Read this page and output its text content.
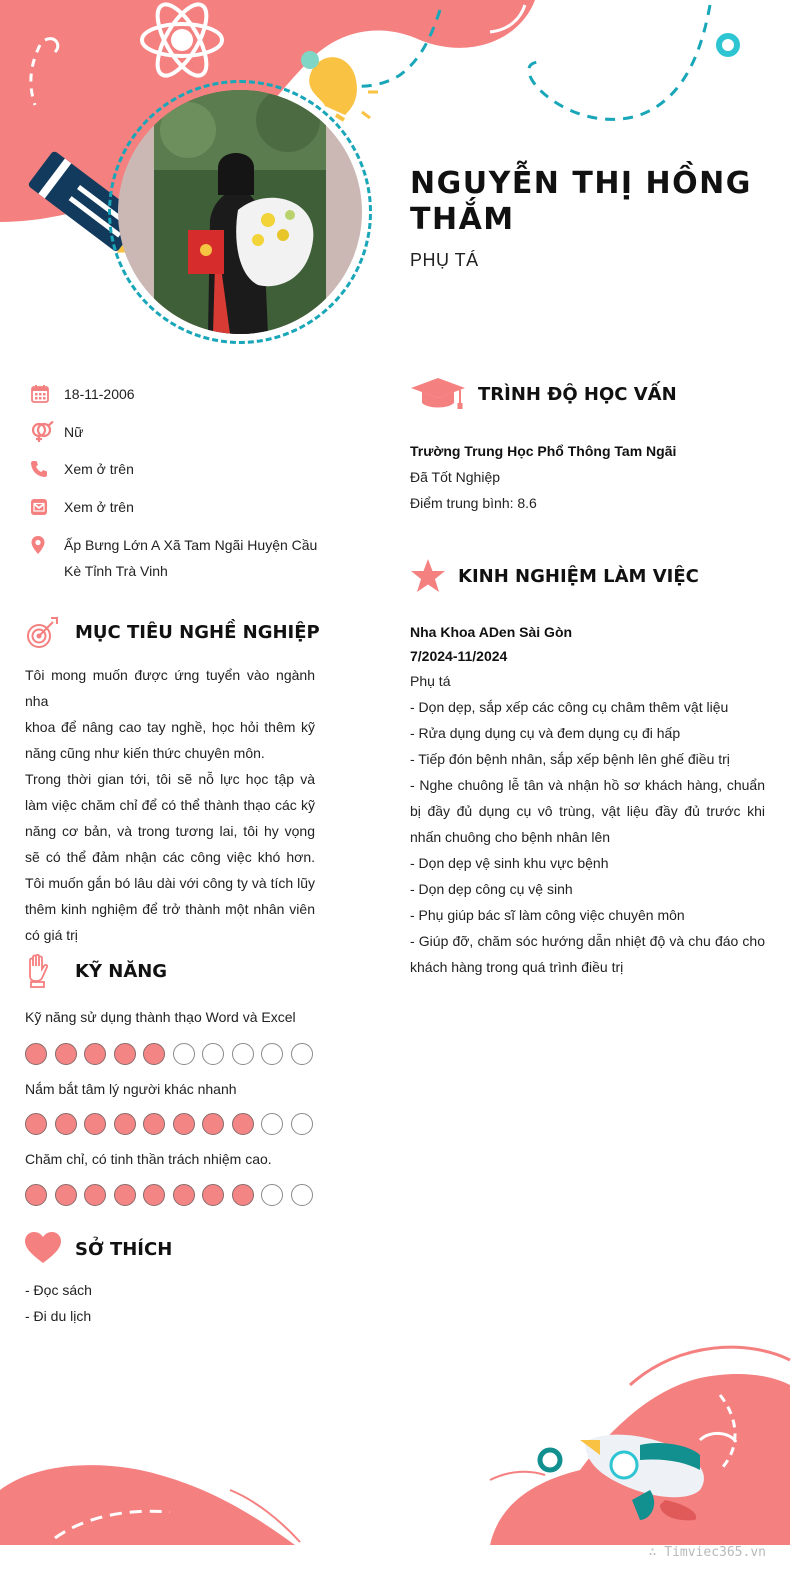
NGUYỄN THỊ HỒNG THẮM
PHỤ TÁ
18-11-2006
Nữ
Xem ở trên
Xem ở trên
Ấp Bưng Lớn A Xã Tam Ngãi Huyện Cầu Kè Tỉnh Trà Vinh
MỤC TIÊU NGHỀ NGHIỆP

Tôi mong muốn được ứng tuyển vào ngành nha

khoa để nâng cao tay nghề, học hỏi thêm kỹ năng cũng như kiến thức chuyên môn.

Trong thời gian tới, tôi sẽ nỗ lực học tập và làm việc chăm chỉ để có thể thành thạo các kỹ năng cơ bản, và trong tương lai, tôi hy vọng sẽ có thể đảm nhận các công việc khó hơn. Tôi muốn gắn bó lâu dài với công ty và tích lũy thêm kinh nghiệm để trở thành một nhân viên có giá trị

KỸ NĂNG
Kỹ năng sử dụng thành thạo Word và Excel
Nắm bắt tâm lý người khác nhanh
Chăm chỉ, có tinh thần trách nhiệm cao.
SỞ THÍCH
- Đọc sách
- Đi du lịch
TRÌNH ĐỘ HỌC VẤN
Trường Trung Học Phổ Thông Tam Ngãi
Đã Tốt Nghiệp
Điểm trung bình: 8.6
KINH NGHIỆM LÀM VIỆC
Nha Khoa ADen Sài Gòn
7/2024-11/2024
Phụ tá
- Dọn dẹp, sắp xếp các công cụ châm thêm vật liệu
- Rửa dụng dụng cụ và đem dụng cụ đi hấp
- Tiếp đón bệnh nhân, sắp xếp bệnh lên ghế điều trị
- Nghe chuông lễ tân và nhận hồ sơ khách hàng, chuẩn bị đầy đủ dụng cụ vô trùng, vật liệu đầy đủ trước khi nhấn chuông cho bệnh nhân lên
- Dọn dẹp vệ sinh khu vực bệnh
- Dọn dẹp công cụ vệ sinh
- Phụ giúp bác sĩ làm công việc chuyên môn
- Giúp đỡ, chăm sóc hướng dẫn nhiệt độ và chu đáo cho khách hàng trong quá trình điều trị
∴ Timviec365.vn
